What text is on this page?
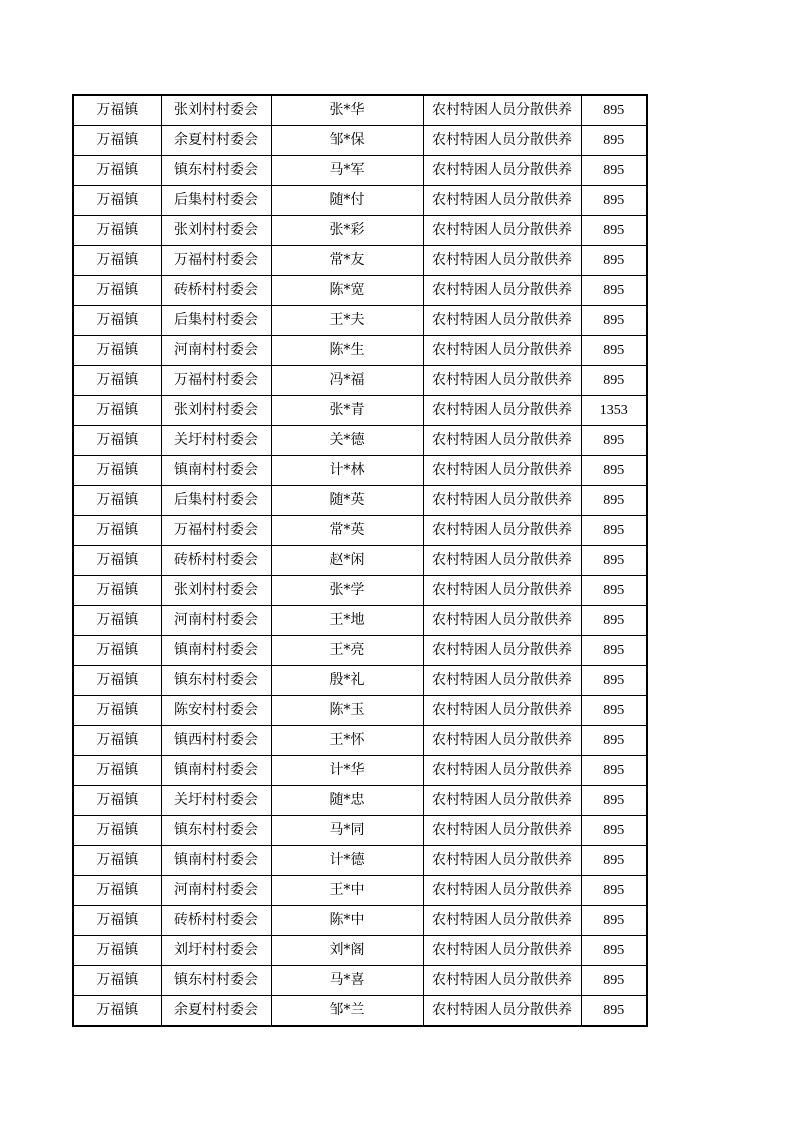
万福镇	张刘村村委会	张*华	农村特困人员分散供养	895
万福镇	余夏村村委会	邹*保	农村特困人员分散供养	895
万福镇	镇东村村委会	马*军	农村特困人员分散供养	895
万福镇	后集村村委会	随*付	农村特困人员分散供养	895
万福镇	张刘村村委会	张*彩	农村特困人员分散供养	895
万福镇	万福村村委会	常*友	农村特困人员分散供养	895
万福镇	砖桥村村委会	陈*宽	农村特困人员分散供养	895
万福镇	后集村村委会	王*夫	农村特困人员分散供养	895
万福镇	河南村村委会	陈*生	农村特困人员分散供养	895
万福镇	万福村村委会	冯*福	农村特困人员分散供养	895
万福镇	张刘村村委会	张*青	农村特困人员分散供养	1353
万福镇	关圩村村委会	关*德	农村特困人员分散供养	895
万福镇	镇南村村委会	计*林	农村特困人员分散供养	895
万福镇	后集村村委会	随*英	农村特困人员分散供养	895
万福镇	万福村村委会	常*英	农村特困人员分散供养	895
万福镇	砖桥村村委会	赵*闲	农村特困人员分散供养	895
万福镇	张刘村村委会	张*学	农村特困人员分散供养	895
万福镇	河南村村委会	王*地	农村特困人员分散供养	895
万福镇	镇南村村委会	王*亮	农村特困人员分散供养	895
万福镇	镇东村村委会	殷*礼	农村特困人员分散供养	895
万福镇	陈安村村委会	陈*玉	农村特困人员分散供养	895
万福镇	镇西村村委会	王*怀	农村特困人员分散供养	895
万福镇	镇南村村委会	计*华	农村特困人员分散供养	895
万福镇	关圩村村委会	随*忠	农村特困人员分散供养	895
万福镇	镇东村村委会	马*同	农村特困人员分散供养	895
万福镇	镇南村村委会	计*德	农村特困人员分散供养	895
万福镇	河南村村委会	王*中	农村特困人员分散供养	895
万福镇	砖桥村村委会	陈*中	农村特困人员分散供养	895
万福镇	刘圩村村委会	刘*阁	农村特困人员分散供养	895
万福镇	镇东村村委会	马*喜	农村特困人员分散供养	895
万福镇	余夏村村委会	邹*兰	农村特困人员分散供养	895
